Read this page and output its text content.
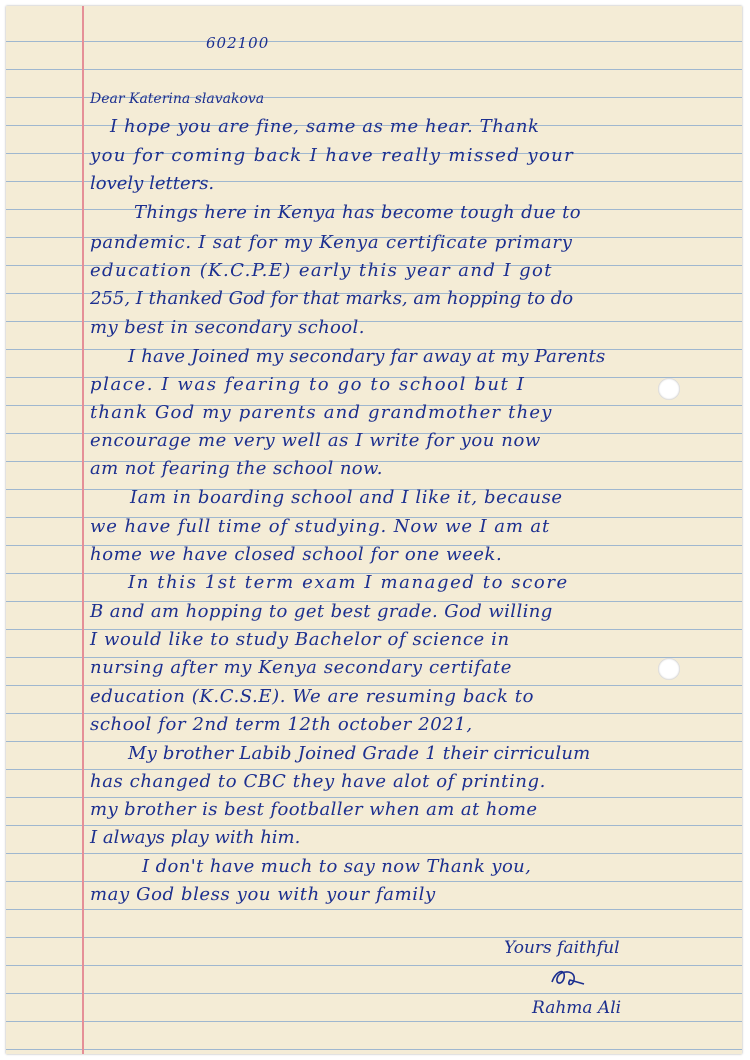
602100
Dear Katerina slavakova
I hope you are fine, same as me hear. Thank
you for coming back I have really missed your
lovely letters.
Things here in Kenya has become tough due to
pandemic. I sat for my Kenya certificate primary
education (K.C.P.E) early this year and I got
255, I thanked God for that marks, am hopping to do
my best in secondary school.
I have Joined my secondary far away at my Parents
place. I was fearing to go to school but I
thank God my parents and grandmother they
encourage me very well as I write for you now
am not fearing the school now.
Iam in boarding school and I like it, because
we have full time of studying. Now we I am at
home we have closed school for one week.
In this 1st term exam I managed to score
B and am hopping to get best grade. God willing
I would like to study Bachelor of science in
nursing after my Kenya secondary certifate
education (K.C.S.E). We are resuming back to
school for 2nd term 12th october 2021,
My brother Labib Joined Grade 1 their cirriculum
has changed to CBC they have alot of printing.
my brother is best footballer when am at home
I always play with him.
I don't have much to say now Thank you,
may God bless you with your family
Yours faithful
Rahma Ali
